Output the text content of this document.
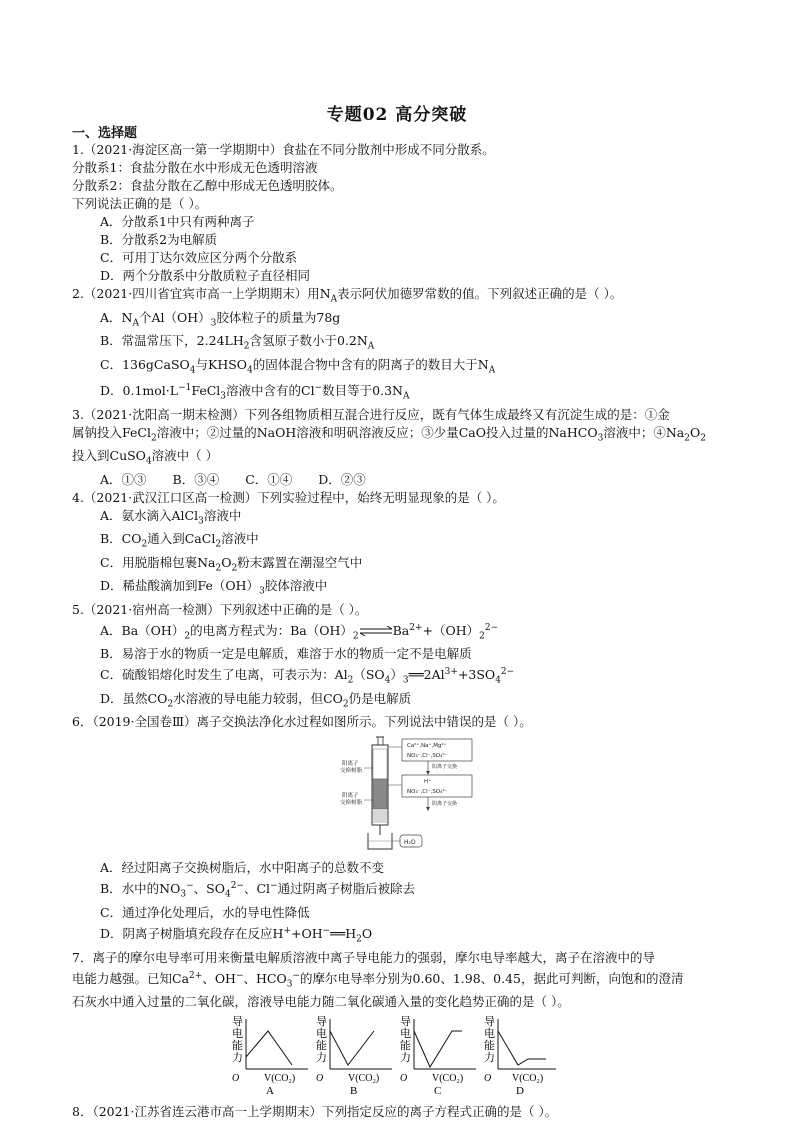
专题02 高分突破
一、选择题
1.（2021·海淀区高一第一学期期中）食盐在不同分散剂中形成不同分散系。
分散系1：食盐分散在水中形成无色透明溶液
分散系2：食盐分散在乙醇中形成无色透明胶体。
下列说法正确的是（ ）。
A．分散系1中只有两种离子
B．分散系2为电解质
C．可用丁达尔效应区分两个分散系
D．两个分散系中分散质粒子直径相同
2.（2021·四川省宜宾市高一上学期期末）用$N_A$表示阿伏加德罗常数的值。下列叙述正确的是（ ）。
A．$N_A$个$Al(OH)_3$胶体粒子的质量为78g
B．常温常压下，$2.24LH_2$含氢原子数小于$0.2N_A$
C．136gCaSO$_4$与$KHSO_4$的固体混合物中含有的阴离子的数目大于$N_A$
D．$0.1mol\cdot L^{-1}FeCl_3$溶液中含有的Cl−数目等于$0.3N_A$
3.（2021·沈阳高一期末检测）下列各组物质相互混合进行反应，既有气体生成最终又有沉淀生成的是：①金
属钠投入FeCl$_2$溶液中；②过量的NaOH溶液和明矾溶液反应；③少量CaO投入过量的NaHCO$_3$溶液中；$④Na_2O_2$
投入到CuSO$_4$溶液中（ ）
A．①③ B．③④ C．①④ D．②③
4.（2021·武汉江口区高一检测）下列实验过程中，始终无明显现象的是（ ）。
A．氨水滴入AlCl$_3$溶液中
B．$CO_2$通入到CaCl$_2$溶液中
C．用脱脂棉包裹$Na_2O_2$粉末露置在潮湿空气中
D．稀盐酸滴加到$Fe(OH)_3$胶体溶液中
5.（2021·宿州高一检测）下列叙述中正确的是（ ）。
A．$Ba(OH)_2$的电离方程式为：$Ba(OH)_2\rightleftharpoons Ba^{2+}+(OH)_2^{2-}$
B．易溶于水的物质一定是电解质，难溶于水的物质一定不是电解质
C．硫酸铝熔化时发生了电离，可表示为：$Al_2(SO_4)_3══2Al^{3+}+3SO_4^{2-}$
D．虽然$CO_2$水溶液的导电能力较弱，但$CO_2$仍是电解质
6．（2019·全国卷Ⅲ）离子交换法净化水过程如图所示。下列说法中错误的是（ ）。
阳离子
交换树脂
阴离子
交换树脂
Ca²⁺,Na⁺,Mg²⁺
NO₃⁻,Cl⁻,SO₄²⁻
阳离子交换
H⁺
NO₃⁻,Cl⁻,SO₄²⁻
阴离子交换
H₂O
A．经过阳离子交换树脂后，水中阳离子的总数不变
B．水中的$NO_3^-$、$SO_4^{2-}$、Cl−通过阴离子树脂后被除去
C．通过净化处理后，水的导电性降低
D．阴离子树脂填充段存在反应$H^++OH^-══H_2O$
7．离子的摩尔电导率可用来衡量电解质溶液中离子导电能力的强弱，摩尔电导率越大，离子在溶液中的导
电能力越强。已知$Ca^{2+}$、OH−、$HCO_3^-$的摩尔电导率分别为0.60、1.98、0.45，据此可判断，向饱和的澄清
石灰水中通入过量的二氧化碳，溶液导电能力随二氧化碳通入量的变化趋势正确的是（ ）。
导
电
能
力
O V(CO₂)
A
导
电
能
力
O V(CO₂)
B
导
电
能
力
O V(CO₂)
C
导
电
能
力
O V(CO₂)
D
8．（2021·江苏省连云港市高一上学期期末）下列指定反应的离子方程式正确的是（ ）。
